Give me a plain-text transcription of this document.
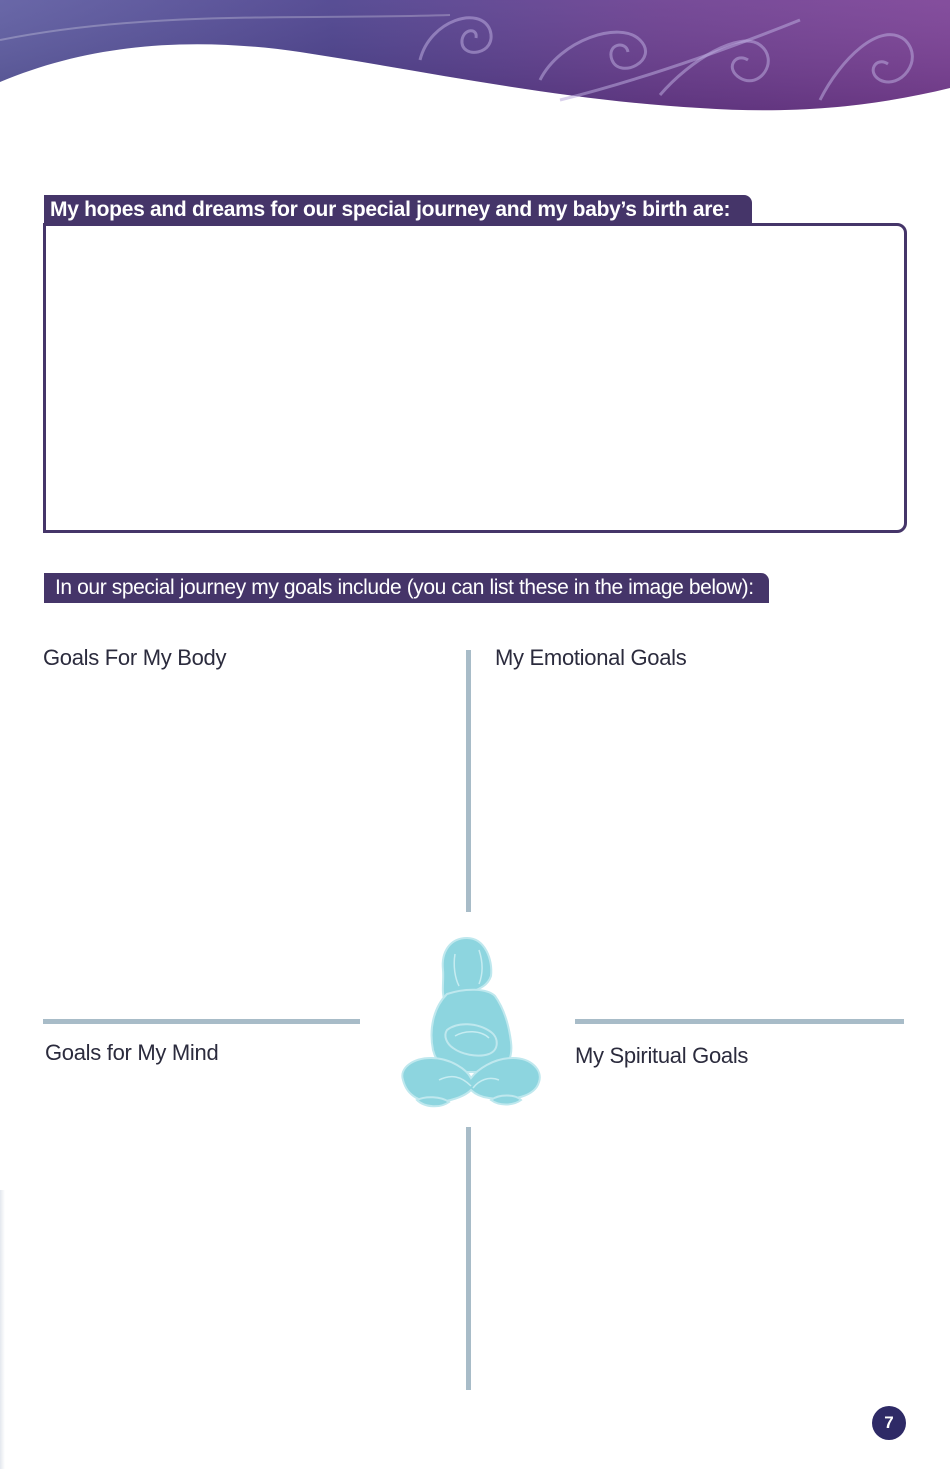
My hopes and dreams for our special journey and my baby’s birth are:
In our special journey my goals include (you can list these in the image below):
Goals For My Body	My Emotional Goals
Goals for My Mind	My Spiritual Goals
7
